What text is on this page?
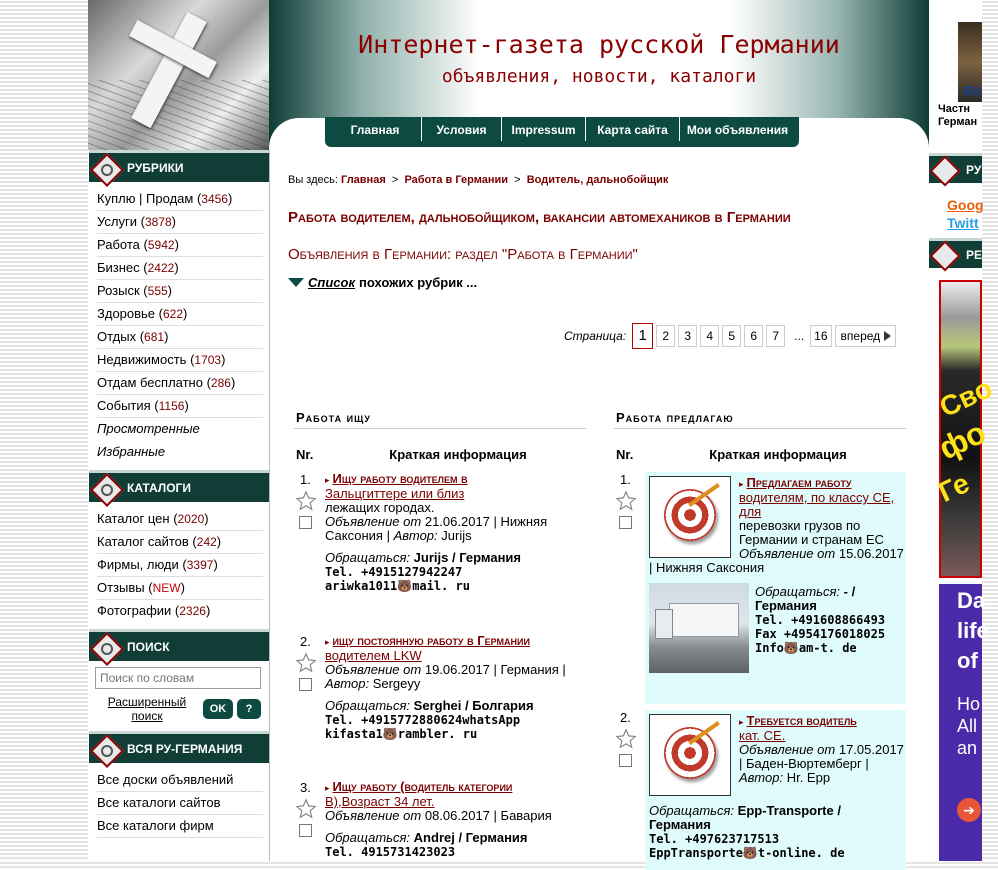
Интернет-газета русской Германии
объявления, новости, каталоги
Главная	Условия	Impressum	Карта сайта	Мои объявления
РУБРИКИ
Куплю | Продам (3456)
Услуги (3878)
Работа (5942)
Бизнес (2422)
Розыск (555)
Здоровье (622)
Отдых (681)
Недвижимость (1703)
Отдам бесплатно (286)
События (1156)
Просмотренные
Избранные
КАТАЛОГИ
Каталог цен (2020)
Каталог сайтов (242)
Фирмы, люди (3397)
Отзывы (NEW)
Фотографии (2326)
ПОИСК
Поиск по словам
Расширенный поиск	OK	?
ВСЯ РУ-ГЕРМАНИЯ
Все доски объявлений
Все каталоги сайтов
Все каталоги фирм
Вы здесь: Главная > Работа в Германии > Водитель, дальнобойщик
Работа водителем, дальнобойщиком, вакансии автомехаников в Германии
Объявления в Германии: раздел "Работа в Германии"
Список похожих рубрик ...
Страница: 1	2	3	4	5	6	7	... 16	вперед
Работа ищу
Nr.	Краткая информация
1. ▸ Ищу работу водителем в
Зальцгиттере или близ
лежащих городах.
Объявление от 21.06.2017 | Нижняя Саксония | Автор: Jurijs
Обращаться: Jurijs / Германия
Tel. +4915127942247
ariwka1011🐻mail. ru
2. ▸ ищу постоянную работу в Германии
водителем LKW
Объявление от 19.06.2017 | Германия | Автор: Sergeyy
Обращаться: Serghei / Болгария
Tel. +4915772880624whatsApp
kifasta1🐻rambler. ru
3. ▸ Ищу работу (водитель категории
В),Возраст 34 лет.
Объявление от 08.06.2017 | Бавария
Обращаться: Andrej / Германия
Tel. 4915731423023
Работа предлагаю
Nr.	Краткая информация
1.	▸ Предлагаем работу
водителям, по классу CE, для
перевозки грузов по Германии и странам ЕС
Объявление от 15.06.2017 | Нижняя Саксония
Обращаться: - /
Германия
Tel. +491608866493
Fax +4954176018025
Info🐻am-t. de
2.	▸ Требуется водитель
кат. CE.
Объявление от 17.05.2017 | Баден-Вюртемберг | Автор: Hr. Epp
Обращаться: Epp-Transporte / Германия
Tel. +497623717513
EppTransporte🐻t-online. de
EU
Частн
Герман
РУ
Goog
Twitt
РЕ
Сво
фо
Ге
Da
life
of
Ho
All
an
➔
